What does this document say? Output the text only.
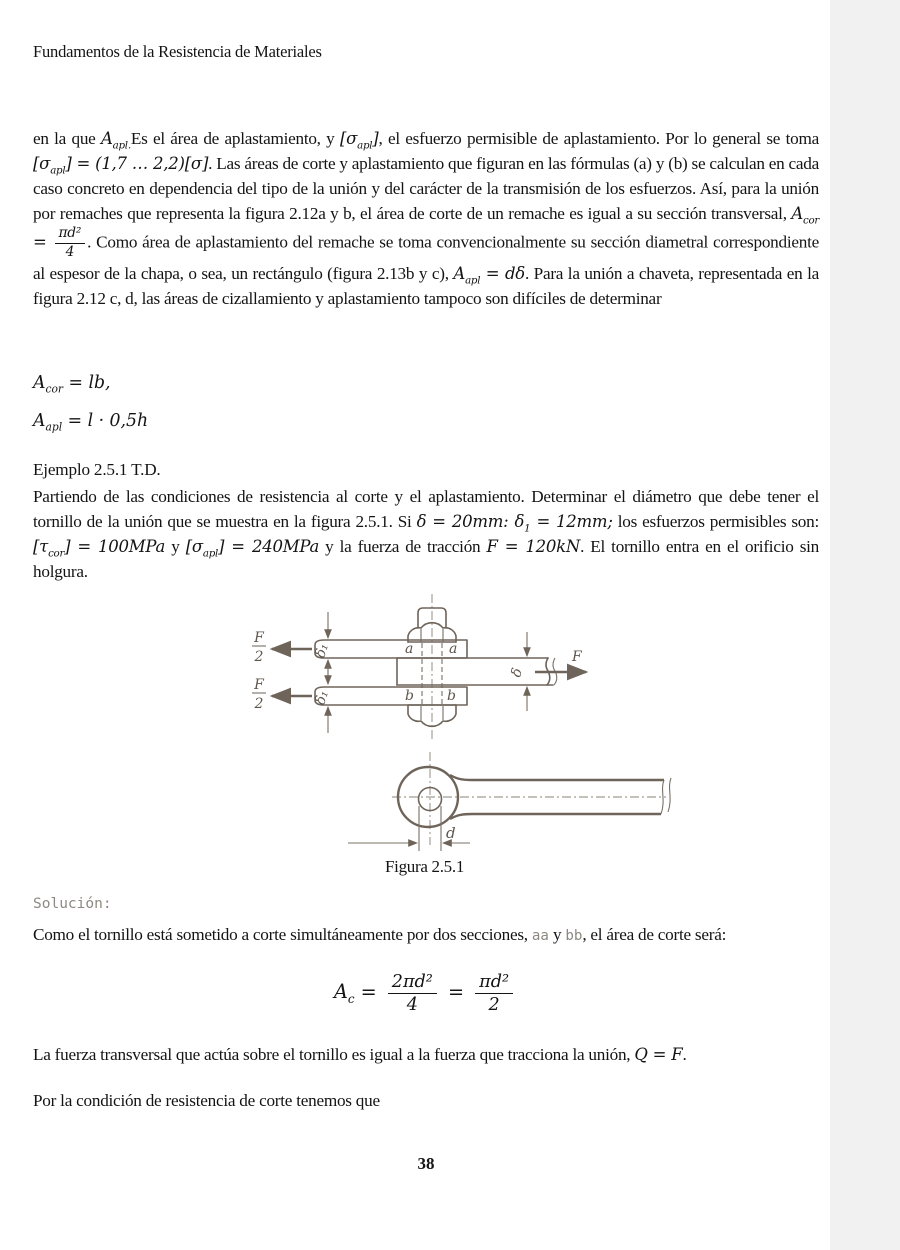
Fundamentos de la Resistencia de Materiales
en la que $A_{apl.}Es$ el área de aplastamiento, y $[\sigma_{apl}]$, el esfuerzo permisible de aplastamiento. Por lo general se toma $[\sigma_{apl}] = (1,7$ … 2,2)[σ]. Las áreas de corte y aplastamiento que figuran en las fórmulas (a) y (b) se calculan en cada caso concreto en dependencia del tipo de la unión y del carácter de la transmisión de los esfuerzos. Así, para la unión por remaches que representa la figura 2.12a y b, el área de corte de un remache es igual a su sección transversal, $A_{cor} = \frac{\text{πd²}}{4}$ . Como área de aplastamiento del remache se toma convencionalmente su sección diametral correspondiente al espesor de la chapa, o sea, un rectángulo (figura 2.13b y c), $A_{apl} = d\delta$. Para la unión a chaveta, representada en la figura 2.12 c, d, las áreas de cizallamiento y aplastamiento tampoco son difíciles de determinar
$A_{cor}$ = lb,
$A_{apl} = l \cdot 0,5h$
Ejemplo 2.5.1 T.D.
Partiendo de las condiciones de resistencia al corte y el aplastamiento. Determinar el diámetro que debe tener el tornillo de la unión que se muestra en la figura 2.5.1. Si δ = 20mm: $\delta_1 = 12mm$; los esfuerzos permisibles son: $[\tau_{cor}] = 100MPa$ y $[\sigma_{apl}] = 240MPa$ y la fuerza de tracción F = 120kN. El tornillo entra en el orificio sin holgura.
a	a
b b
F
2
F
2
δ₁
δ₁
δ
F
d
Figura 2.5.1
Solución:
Como el tornillo está sometido a corte simultáneamente por dos secciones, aa y bb, el área de corte será:
$A_c = \frac{\text{2πd²}}{4} = \frac{\text{πd²}}{2}$
La fuerza transversal que actúa sobre el tornillo es igual a la fuerza que tracciona la unión, Q = F.
Por la condición de resistencia de corte tenemos que
38
